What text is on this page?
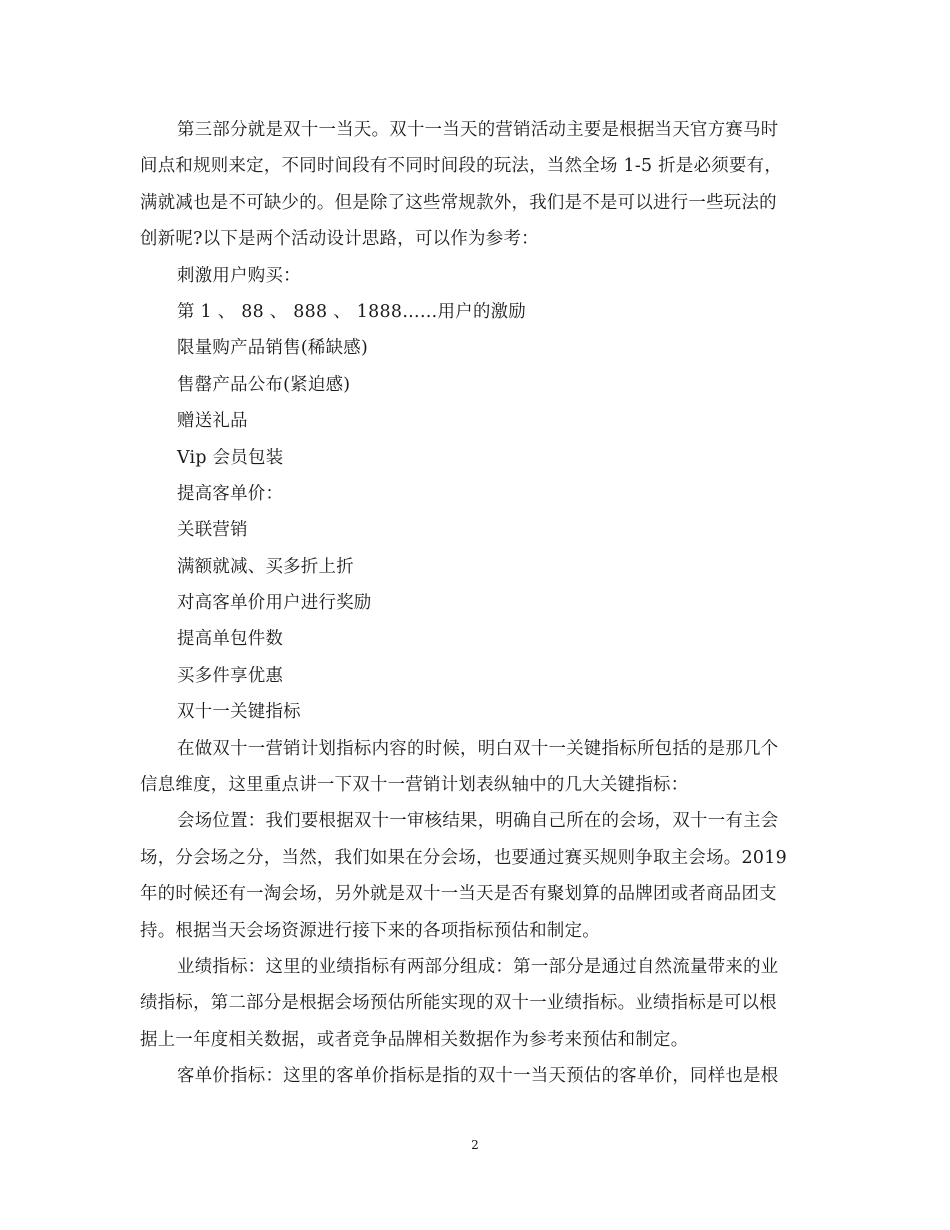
第三部分就是双十一当天。双十一当天的营销活动主要是根据当天官方赛马时
间点和规则来定，不同时间段有不同时间段的玩法，当然全场 1-5 折是必须要有，
满就减也是不可缺少的。但是除了这些常规款外，我们是不是可以进行一些玩法的
创新呢?以下是两个活动设计思路，可以作为参考：
刺激用户购买：
第 1 、 88 、 888 、 1888……用户的激励
限量购产品销售(稀缺感)
售罄产品公布(紧迫感)
赠送礼品
Vip 会员包装
提高客单价：
关联营销
满额就减、买多折上折
对高客单价用户进行奖励
提高单包件数
买多件享优惠
双十一关键指标
在做双十一营销计划指标内容的时候，明白双十一关键指标所包括的是那几个
信息维度，这里重点讲一下双十一营销计划表纵轴中的几大关键指标：
会场位置：我们要根据双十一审核结果，明确自己所在的会场，双十一有主会
场，分会场之分，当然，我们如果在分会场，也要通过赛买规则争取主会场。2019
年的时候还有一淘会场，另外就是双十一当天是否有聚划算的品牌团或者商品团支
持。根据当天会场资源进行接下来的各项指标预估和制定。
业绩指标：这里的业绩指标有两部分组成：第一部分是通过自然流量带来的业
绩指标，第二部分是根据会场预估所能实现的双十一业绩指标。业绩指标是可以根
据上一年度相关数据，或者竞争品牌相关数据作为参考来预估和制定。
客单价指标：这里的客单价指标是指的双十一当天预估的客单价，同样也是根
2
